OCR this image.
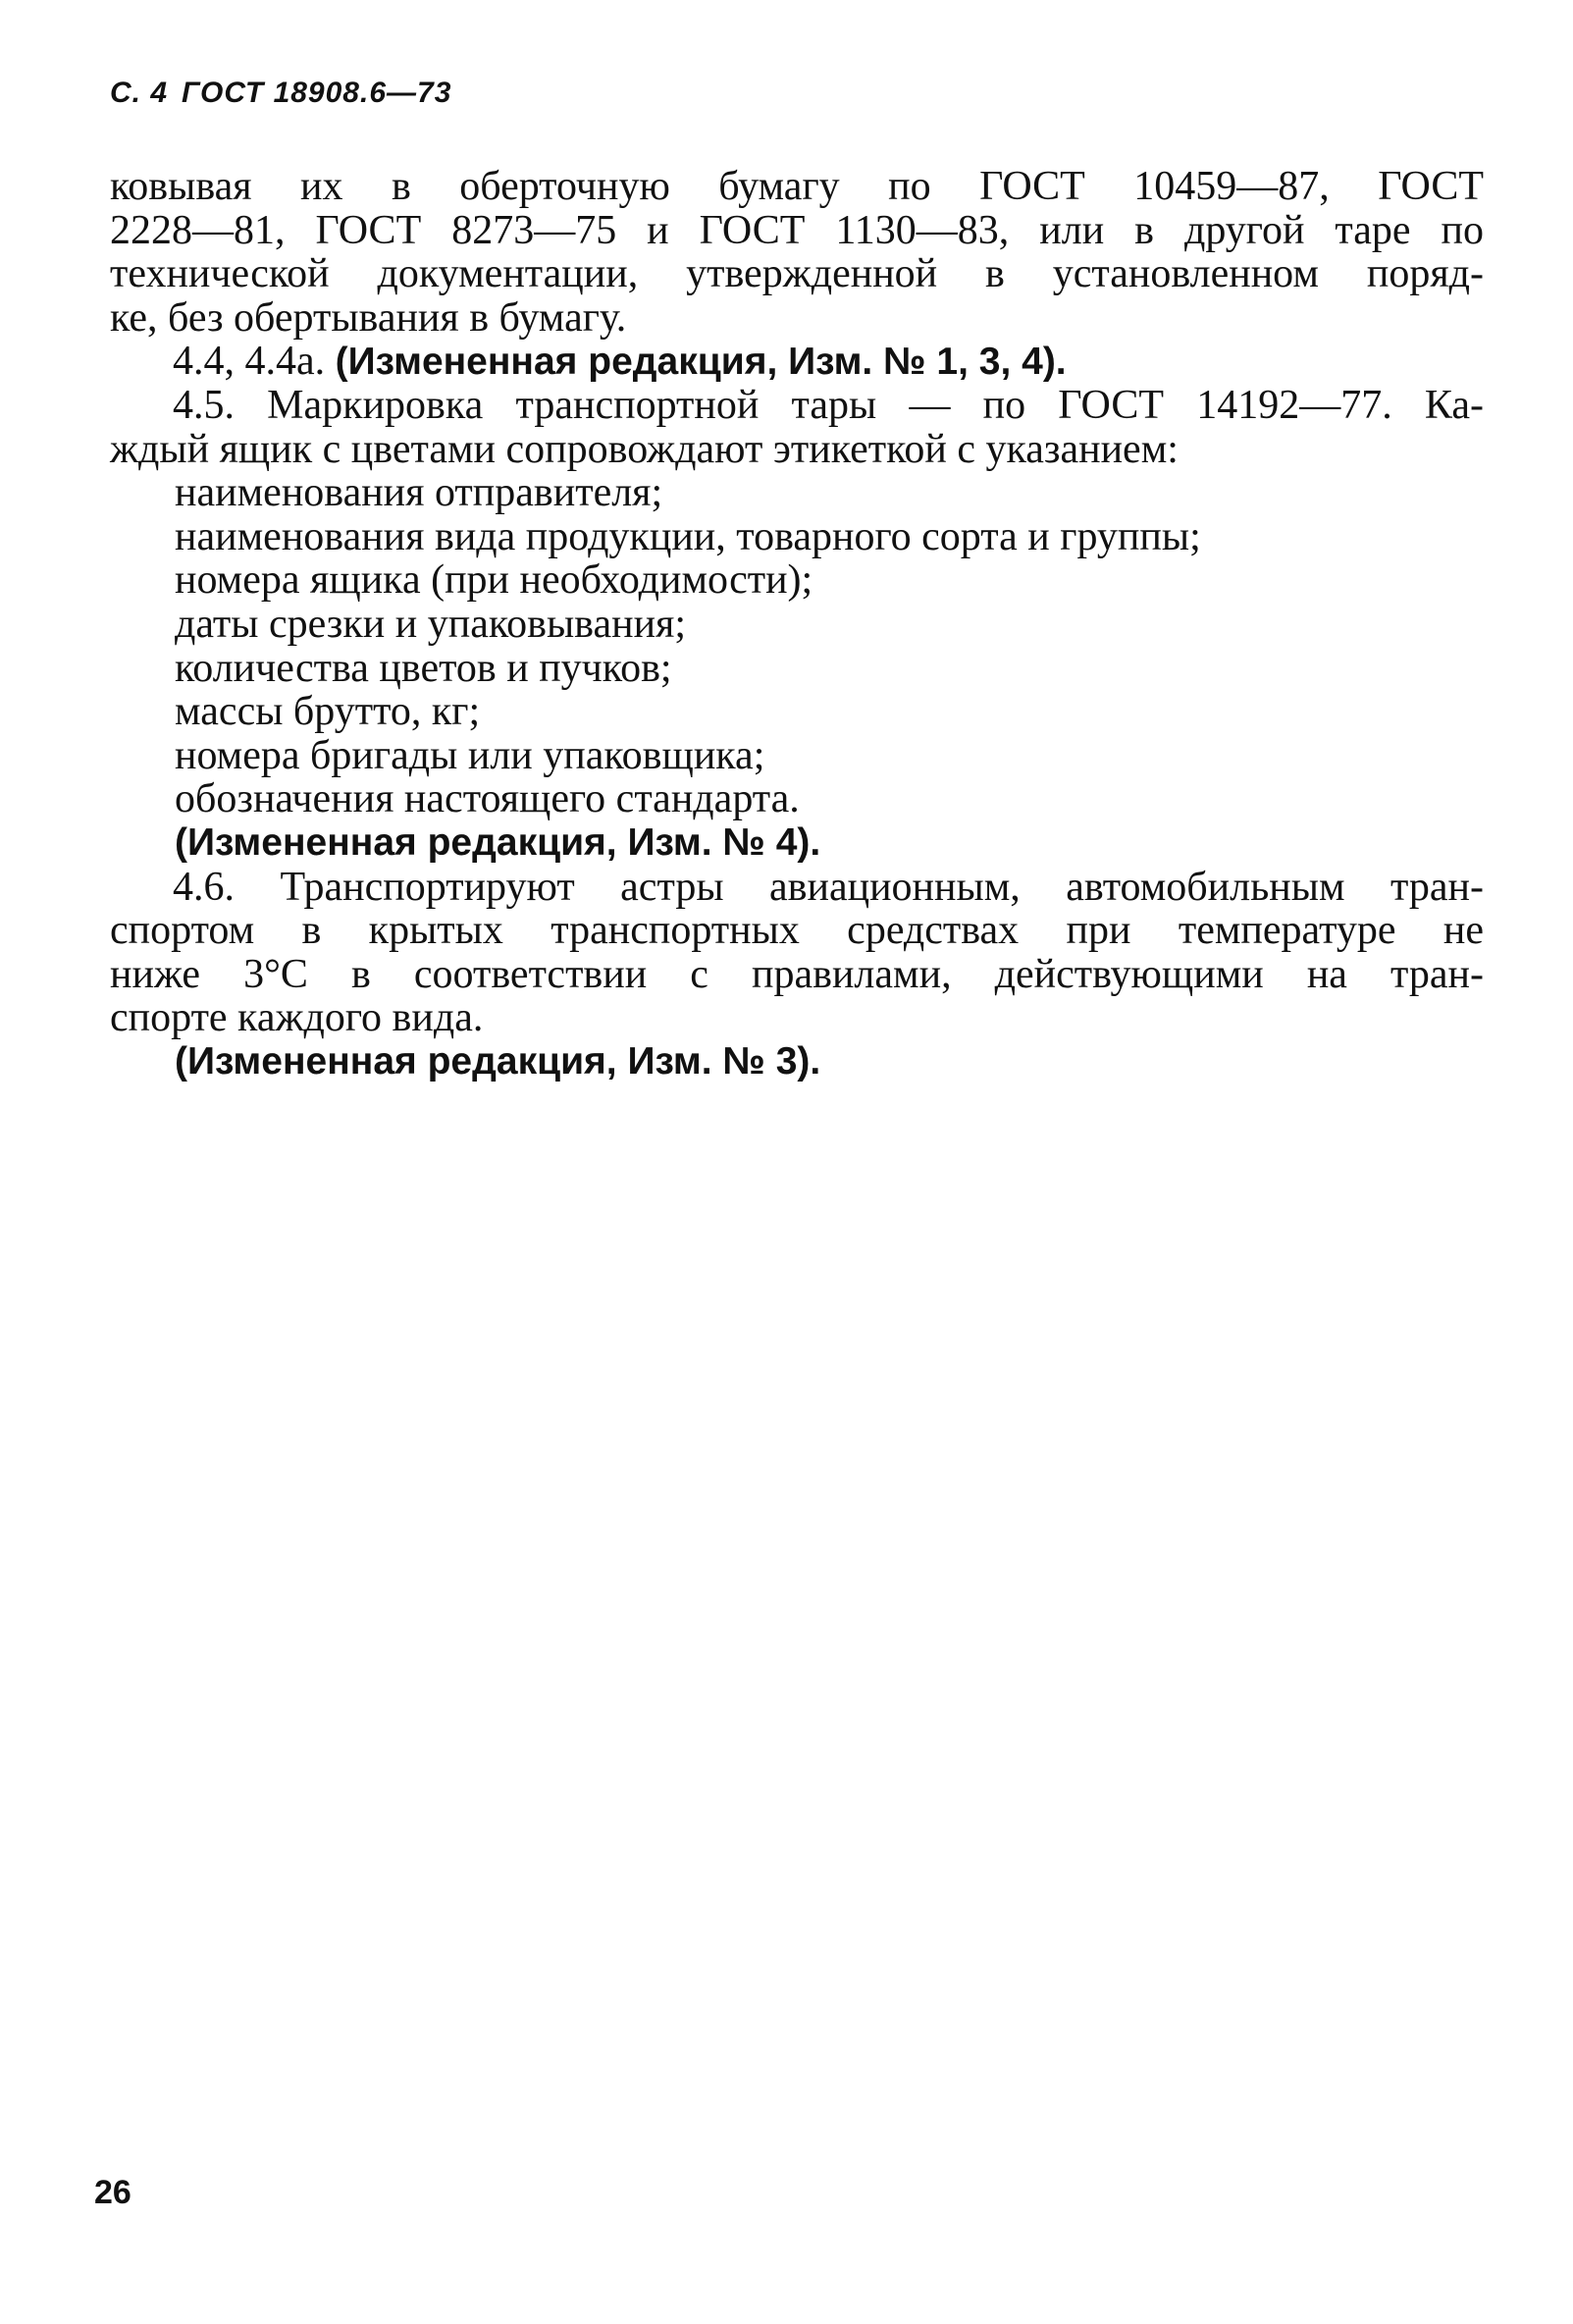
С. 4 ГОСТ 18908.6—73
ковывая их в оберточную бумагу по ГОСТ 10459—87, ГОСТ
2228—81, ГОСТ 8273—75 и ГОСТ 1130—83, или в другой таре по
технической документации, утвержденной в установленном поряд-
ке, без обертывания в бумагу.
4.4, 4.4а. (Измененная редакция, Изм. № 1, 3, 4).
4.5. Маркировка транспортной тары — по ГОСТ 14192—77. Ка-
ждый ящик с цветами сопровождают этикеткой с указанием:
наименования отправителя;
наименования вида продукции, товарного сорта и группы;
номера ящика (при необходимости);
даты срезки и упаковывания;
количества цветов и пучков;
массы брутто, кг;
номера бригады или упаковщика;
обозначения настоящего стандарта.
(Измененная редакция, Изм. № 4).
4.6. Транспортируют астры авиационным, автомобильным тран-
спортом в крытых транспортных средствах при температуре не
ниже 3°С в соответствии с правилами, действующими на тран-
спорте каждого вида.
(Измененная редакция, Изм. № 3).
26
